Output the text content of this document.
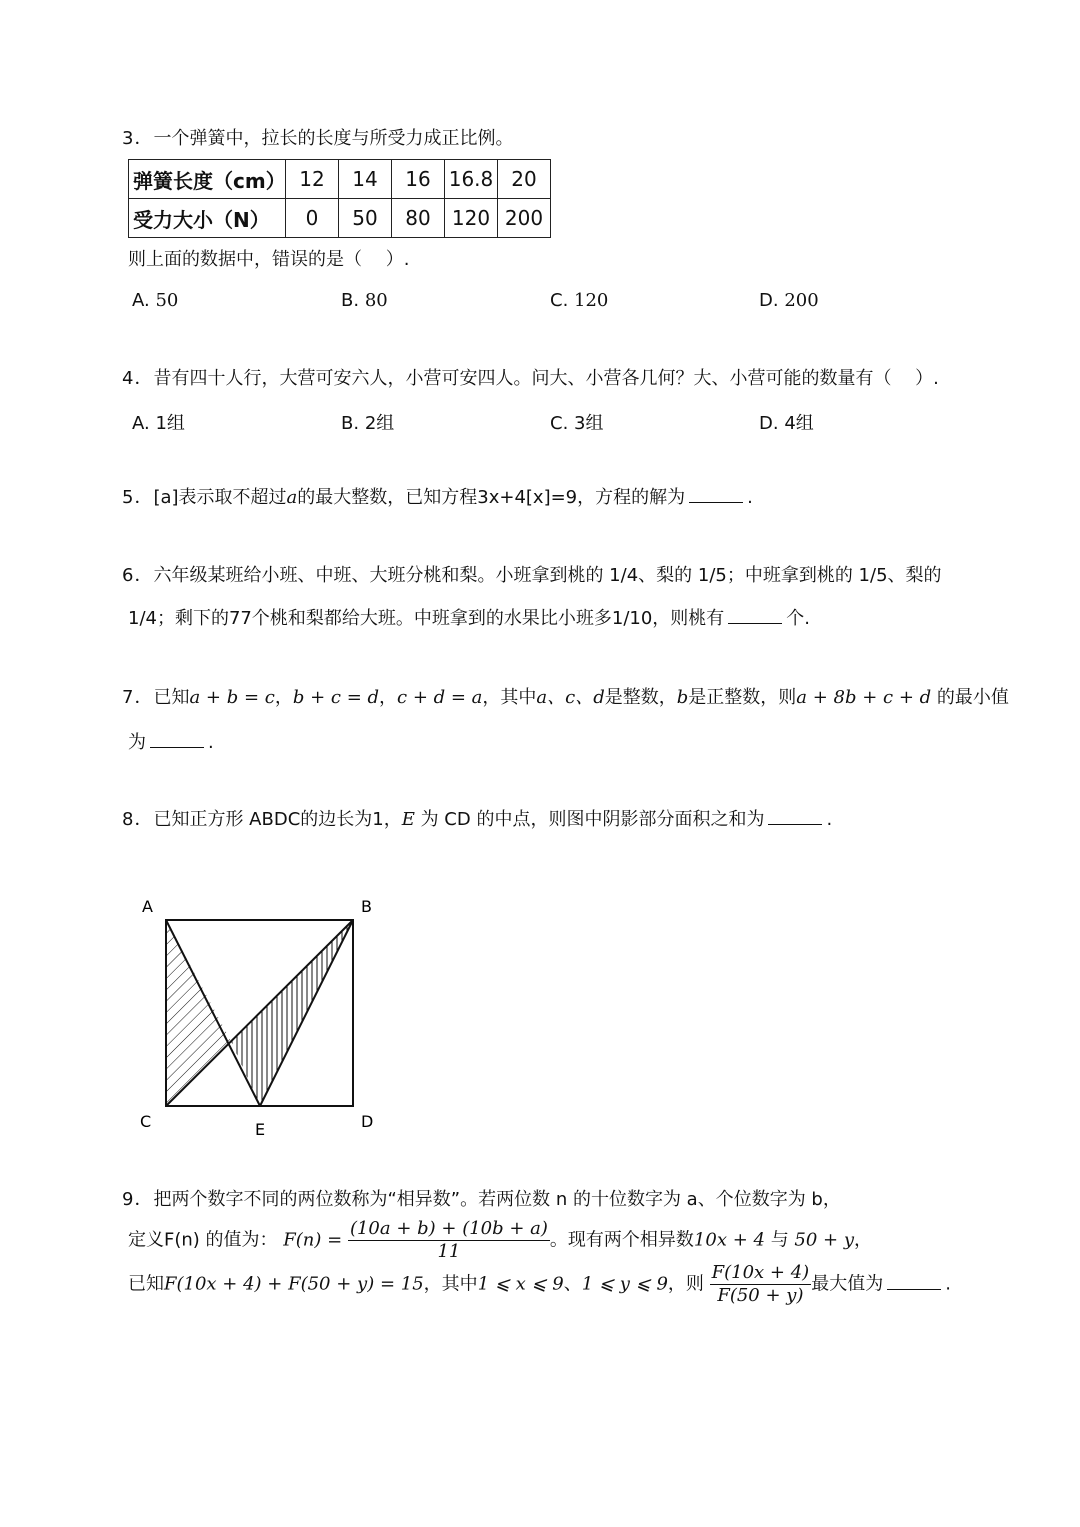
3．一个弹簧中，拉长的长度与所受力成正比例。
弹簧长度（cm）	12	14	16	16.8	20
受力大小（N）	0	50	80	120	200
则上面的数据中，错误的是（　 ）.
A. 50	B. 80	C. 120	D. 200
4．昔有四十人行，大营可安六人，小营可安四人。问大、小营各几何？大、小营可能的数量有（　 ）.
A. 1组	B. 2组	C. 3组	D. 4组
5．[a]表示取不超过a的最大整数，已知方程3x+4[x]=9，方程的解为	.
6．六年级某班给小班、中班、大班分桃和梨。小班拿到桃的 1/4、梨的 1/5；中班拿到桃的 1/5、梨的
1/4；剩下的77个桃和梨都给大班。中班拿到的水果比小班多1/10，则桃有	个.
7．已知a + b = c，b + c = d，c + d = a，其中a、c、d是整数，b是正整数，则a + 8b + c + d 的最小值
为	.
8．已知正方形 ABDC的边长为1，E 为 CD 的中点，则图中阴影部分面积之和为	.
A	B
C	D
E
9．把两个数字不同的两位数称为“相异数”。若两位数 n 的十位数字为 a、个位数字为 b，
定义F(n) 的值为： $F(n) = \frac{(10a + b) + (10b + a)}{11}$ 。现有两个相异数10x + 4 与 50 + y，
已知F(10x + 4) + F(50 + y) = 15，其中1 ⩽ x ⩽ 9、1 ⩽ y ⩽ 9，则 $\frac{F(10x + 4)}{F(50 + y)}$ 最大值为	.
